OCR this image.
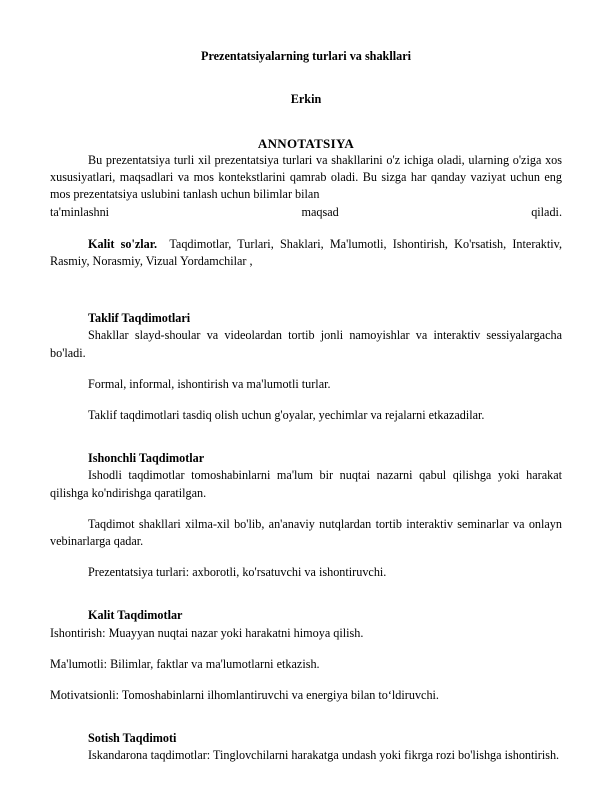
Prezentatsiyalarning turlari va shakllari
Erkin
ANNOTATSIYA

Bu prezentatsiya turli xil prezentatsiya turlari va shakllarini o'z ichiga oladi, ularning o'ziga xos xususiyatlari, maqsadlari va mos kontekstlarini qamrab oladi. Bu sizga har qanday vaziyat uchun eng mos prezentatsiya uslubini tanlash uchun bilimlar bilan

ta'minlashni	maqsad	qiladi.

Kalit so'zlar. Taqdimotlar, Turlari, Shaklari, Ma'lumotli, Ishontirish, Ko'rsatish, Interaktiv, Rasmiy, Norasmiy, Vizual Yordamchilar ,

Taklif Taqdimotlari

Shakllar slayd-shoular va videolardan tortib jonli namoyishlar va interaktiv sessiyalargacha bo'ladi.

Formal, informal, ishontirish va ma'lumotli turlar.

Taklif taqdimotlari tasdiq olish uchun g'oyalar, yechimlar va rejalarni etkazadilar.

Ishonchli Taqdimotlar

Ishodli taqdimotlar tomoshabinlarni ma'lum bir nuqtai nazarni qabul qilishga yoki harakat qilishga ko'ndirishga qaratilgan.

Taqdimot shakllari xilma-xil bo'lib, an'anaviy nutqlardan tortib interaktiv seminarlar va onlayn vebinarlarga qadar.

Prezentatsiya turlari: axborotli, ko'rsatuvchi va ishontiruvchi.

Kalit Taqdimotlar

Ishontirish: Muayyan nuqtai nazar yoki harakatni himoya qilish.

Ma'lumotli: Bilimlar, faktlar va ma'lumotlarni etkazish.

Motivatsionli: Tomoshabinlarni ilhomlantiruvchi va energiya bilan toʻldiruvchi.

Sotish Taqdimoti

Iskandarona taqdimotlar: Tinglovchilarni harakatga undash yoki fikrga rozi bo'lishga ishontirish.
